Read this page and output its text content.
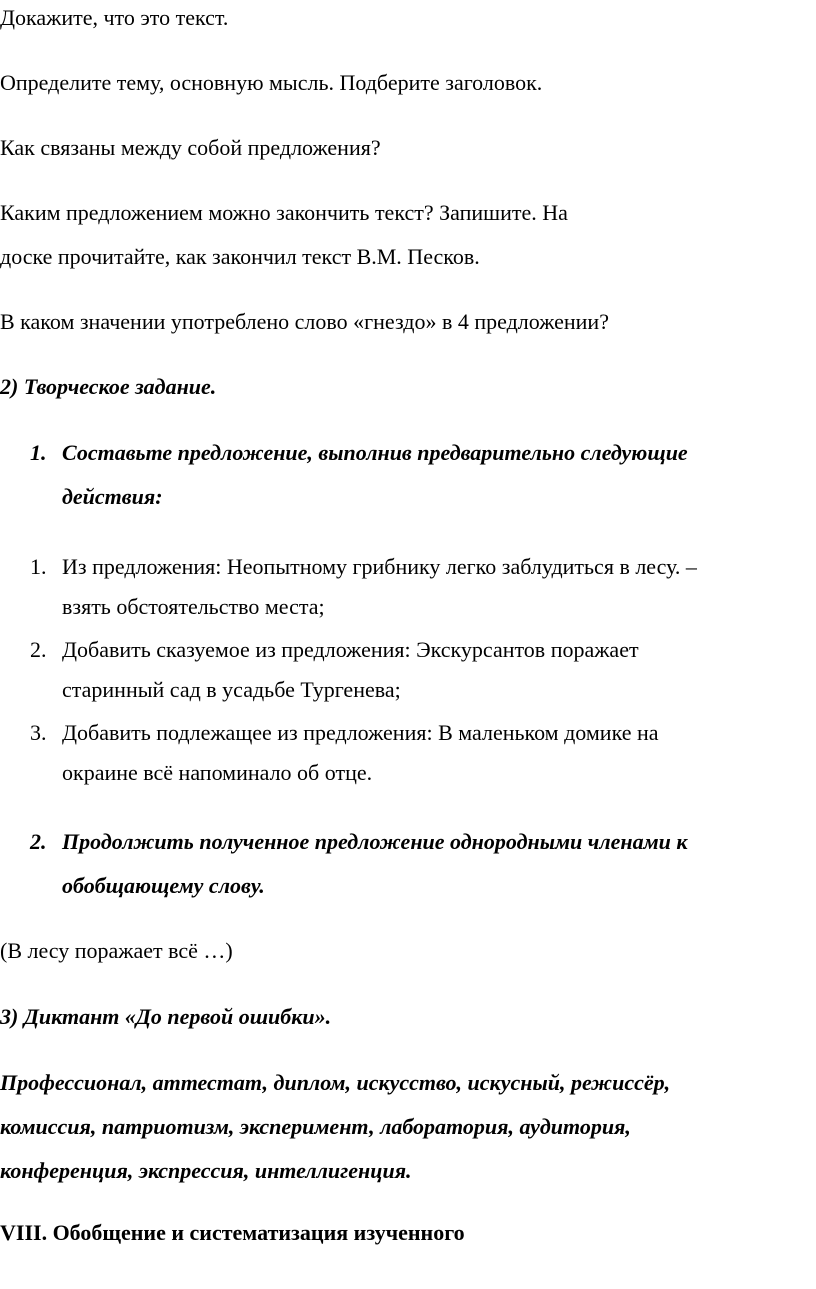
Докажите, что это текст.

Определите тему, основную мысль. Подберите заголовок.

Как связаны между собой предложения?

Каким предложением можно закончить текст? Запишите. На

доске прочитайте, как закончил текст В.М. Песков.

В каком значении употреблено слово «гнездо» в 4 предложении?

2) Творческое задание.

1. Составьте предложение, выполнив предварительно следующие
действия:
1. Из предложения: Неопытному грибнику легко заблудиться в лесу. –
взять обстоятельство места;
2. Добавить сказуемое из предложения: Экскурсантов поражает
старинный сад в усадьбе Тургенева;
3. Добавить подлежащее из предложения: В маленьком домике на
окраине всё напоминало об отце.
2. Продолжить полученное предложение однородными членами к
обобщающему слову.

(В лесу поражает всё …)

3) Диктант «До первой ошибки».

Профессионал, аттестат, диплом, искусство, искусный, режиссёр,

комиссия, патриотизм, эксперимент, лаборатория, аудитория,

конференция, экспрессия, интеллигенция.

VIII. Обобщение и систематизация изученного
